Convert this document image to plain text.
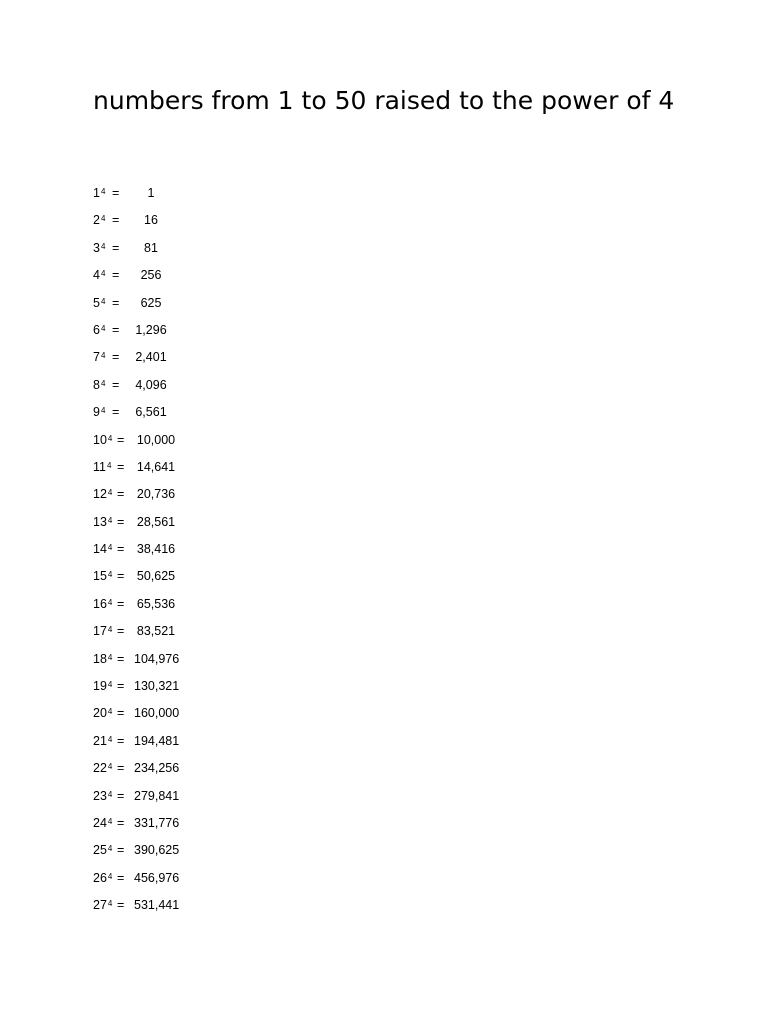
numbers from 1 to 50 raised to the power of 4
$1^4$ =	1
$2^4$ =	16
$3^4$ =	81
$4^4$ =	256
$5^4$ =	625
$6^4$ =	1,296
$7^4$ =	2,401
$8^4$ =	4,096
$9^4$ =	6,561
$10^4 = 10,000$
$11^4 = 14,641$
$12^4 = 20,736$
$13^4 = 28,561$
$14^4 = 38,416$
$15^4 = 50,625$
$16^4 = 65,536$
$17^4 = 83,521$
$18^4 = 104,976$
$19^4 = 130,321$
$20^4 = 160,000$
$21^4 = 194,481$
$22^4 = 234,256$
$23^4 = 279,841$
$24^4 = 331,776$
$25^4 = 390,625$
$26^4 = 456,976$
$27^4 = 531,441$
